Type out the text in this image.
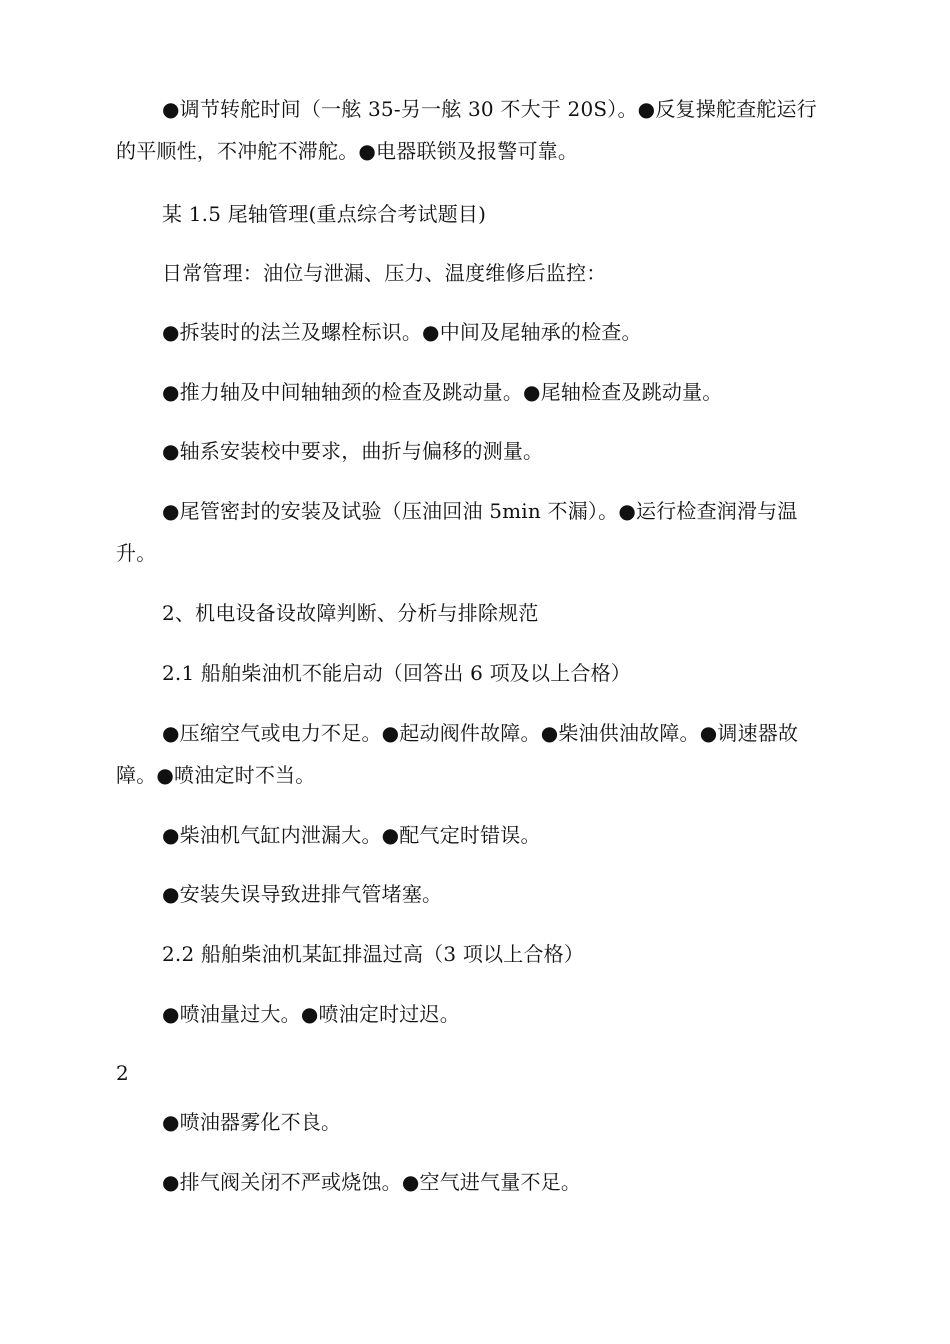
●调节转舵时间（一舷 35-另一舷 30 不大于 20S）。●反复操舵查舵运行的平顺性，不冲舵不滞舵。●电器联锁及报警可靠。

某 1.5 尾轴管理(重点综合考试题目)

日常管理：油位与泄漏、压力、温度维修后监控：

●拆装时的法兰及螺栓标识。●中间及尾轴承的检查。

●推力轴及中间轴轴颈的检查及跳动量。●尾轴检查及跳动量。

●轴系安装校中要求，曲折与偏移的测量。

●尾管密封的安装及试验（压油回油 5min 不漏）。●运行检查润滑与温升。

2、机电设备设故障判断、分析与排除规范

2.1 船舶柴油机不能启动（回答出 6 项及以上合格）

●压缩空气或电力不足。●起动阀件故障。●柴油供油故障。●调速器故障。●喷油定时不当。

●柴油机气缸内泄漏大。●配气定时错误。

●安装失误导致进排气管堵塞。

2.2 船舶柴油机某缸排温过高（3 项以上合格）

●喷油量过大。●喷油定时过迟。

2

●喷油器雾化不良。

●排气阀关闭不严或烧蚀。●空气进气量不足。
